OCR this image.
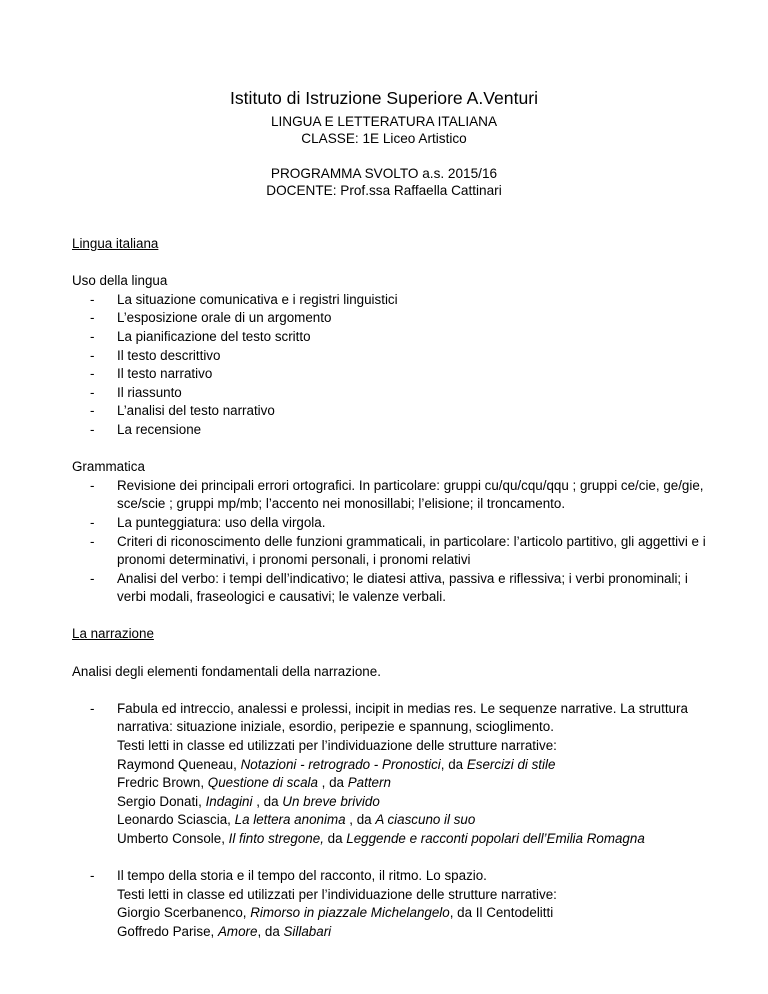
Istituto di Istruzione Superiore A.Venturi

LINGUA E LETTERATURA ITALIANA

CLASSE: 1E Liceo Artistico

PROGRAMMA SVOLTO a.s. 2015/16

DOCENTE: Prof.ssa Raffaella Cattinari

Lingua italiana

Uso della lingua

- La situazione comunicativa e i registri linguistici
- L’esposizione orale di un argomento
- La pianificazione del testo scritto
- Il testo descrittivo
- Il testo narrativo
- Il riassunto
- L’analisi del testo narrativo
- La recensione

Grammatica

- Revisione dei principali errori ortografici. In particolare: gruppi cu/qu/cqu/qqu ; gruppi ce/cie, ge/gie, sce/scie ; gruppi mp/mb; l’accento nei monosillabi; l’elisione; il troncamento.
- La punteggiatura: uso della virgola.
- Criteri di riconoscimento delle funzioni grammaticali, in particolare: l’articolo partitivo, gli aggettivi e i pronomi determinativi, i pronomi personali, i pronomi relativi
- Analisi del verbo: i tempi dell’indicativo; le diatesi attiva, passiva e riflessiva; i verbi pronominali; i verbi modali, fraseologici e causativi; le valenze verbali.

La narrazione

Analisi degli elementi fondamentali della narrazione.

- Fabula ed intreccio, analessi e prolessi, incipit in medias res. Le sequenze narrative. La struttura narrativa: situazione iniziale, esordio, peripezie e spannung, scioglimento.
Testi letti in classe ed utilizzati per l’individuazione delle strutture narrative:
Raymond Queneau, Notazioni - retrogrado - Pronostici, da Esercizi di stile
Fredric Brown, Questione di scala , da Pattern
Sergio Donati, Indagini , da Un breve brivido
Leonardo Sciascia, La lettera anonima , da A ciascuno il suo
Umberto Console, Il finto stregone, da Leggende e racconti popolari dell’Emilia Romagna
- Il tempo della storia e il tempo del racconto, il ritmo. Lo spazio.
Testi letti in classe ed utilizzati per l’individuazione delle strutture narrative:
Giorgio Scerbanenco, Rimorso in piazzale Michelangelo, da Il Centodelitti
Goffredo Parise, Amore, da Sillabari
